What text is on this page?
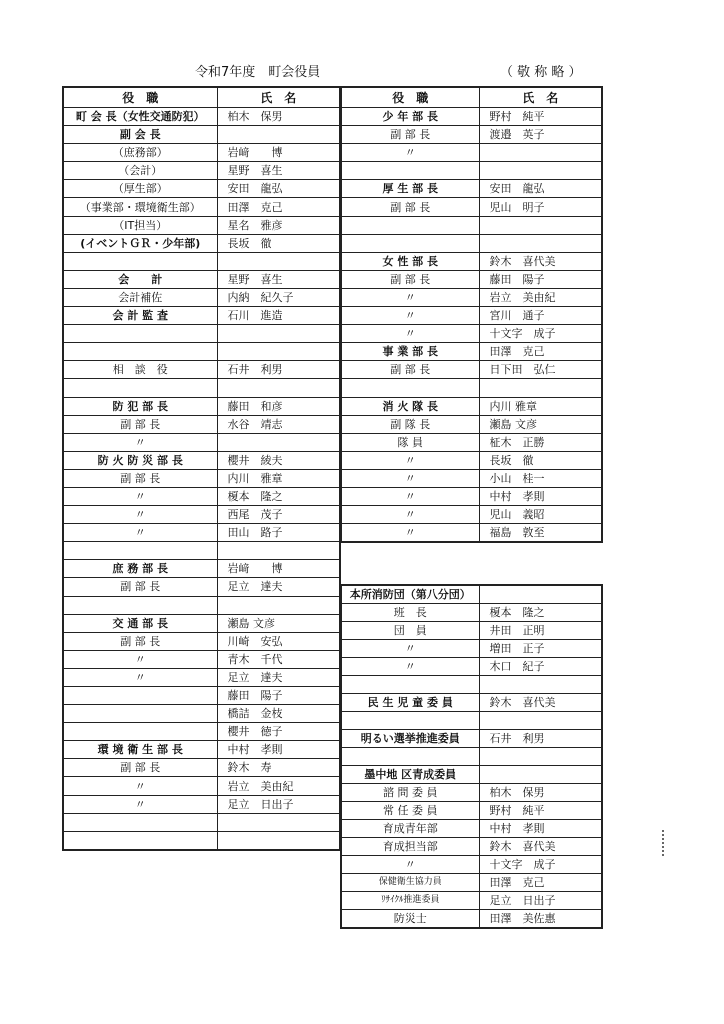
令和7年度　町会役員	（ 敬 称 略 ）
役　職	氏　名
町 会 長（女性交通防犯）	柏木　保男
副 会 長	
（庶務部）	岩﨑　　博
（会計）	星野　喜生
（厚生部）	安田　龍弘
（事業部・環境衛生部）	田澤　克己
（IT担当）	星名　雅彦
(イベントＧＲ・少年部)	長坂　徹

会　　計	星野　喜生
会計補佐	内納　紀久子
会 計 監 査	石川　進造

相　談　役	石井　利男

防 犯 部 長	藤田　和彦
副 部 長	水谷　靖志
〃	
防 火 防 災 部 長	櫻井　綾夫
副 部 長	内川　雅章
〃	榎本　隆之
〃	西尾　茂子
〃	田山　路子

庶 務 部 長	岩﨑　　博
副 部 長	足立　達夫

交 通 部 長	瀬島 文彦
副 部 長	川崎　安弘
〃	青木　千代
〃	足立　達夫
	藤田　陽子
	橋詰　金枝
	櫻井　徳子
環 境 衛 生 部 長	中村　孝則
副 部 長	鈴木　寿
〃	岩立　美由紀
〃	足立　日出子

役　職	氏　名
少 年 部 長	野村　純平
副 部 長	渡邉　英子
〃	

厚 生 部 長	安田　龍弘
副 部 長	児山　明子

女 性 部 長	鈴木　喜代美
副 部 長	藤田　陽子
〃	岩立　美由紀
〃	宮川　通子
〃	十文字　成子
事 業 部 長	田澤　克己
副 部 長	日下田　弘仁

消 火 隊 長	内川 雅章
副 隊 長	瀬島 文彦
隊 員	柾木　正勝
〃	長坂　徹
〃	小山　桂一
〃	中村　孝則
〃	児山　義昭
〃	福島　敦至
本所消防団（第八分団）	
班　長	榎本　隆之
団　員	井田　正明
〃	増田　正子
〃	木口　紀子

民 生 児 童 委 員	鈴木　喜代美

明るい選挙推進委員	石井　利男

墨中地 区青成委員	
諮 問 委 員	柏木　保男
常 任 委 員	野村　純平
育成青年部	中村　孝則
育成担当部	鈴木　喜代美
〃	十文字　成子
保健衛生協力員	田澤　克己
ﾘｻｲｸﾙ推進委員	足立　日出子
防災士	田澤　美佐惠
